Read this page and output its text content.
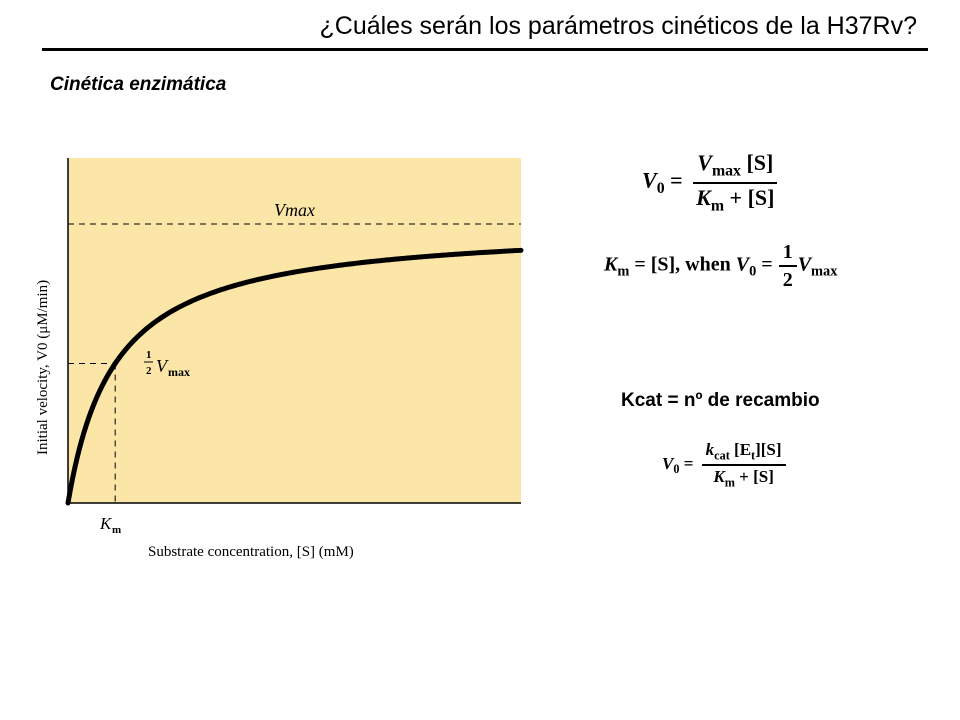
¿Cuáles serán los parámetros cinéticos de la H37Rv?
Cinética enzimática
Vmax
1
2 V max
K m
Substrate concentration, [S] (mM)
Initial velocity, V0 (μM/min)
$V_0 = \frac{V_{max} [S]}{K_m + [S]}$
$K_m = [S]$, when $V_0 = \frac{1}{2} V_{max}$
Kcat = nº de recambio
$V_0 = \frac{k_{cat} [E_t][S]}{K_m + [S]}$
